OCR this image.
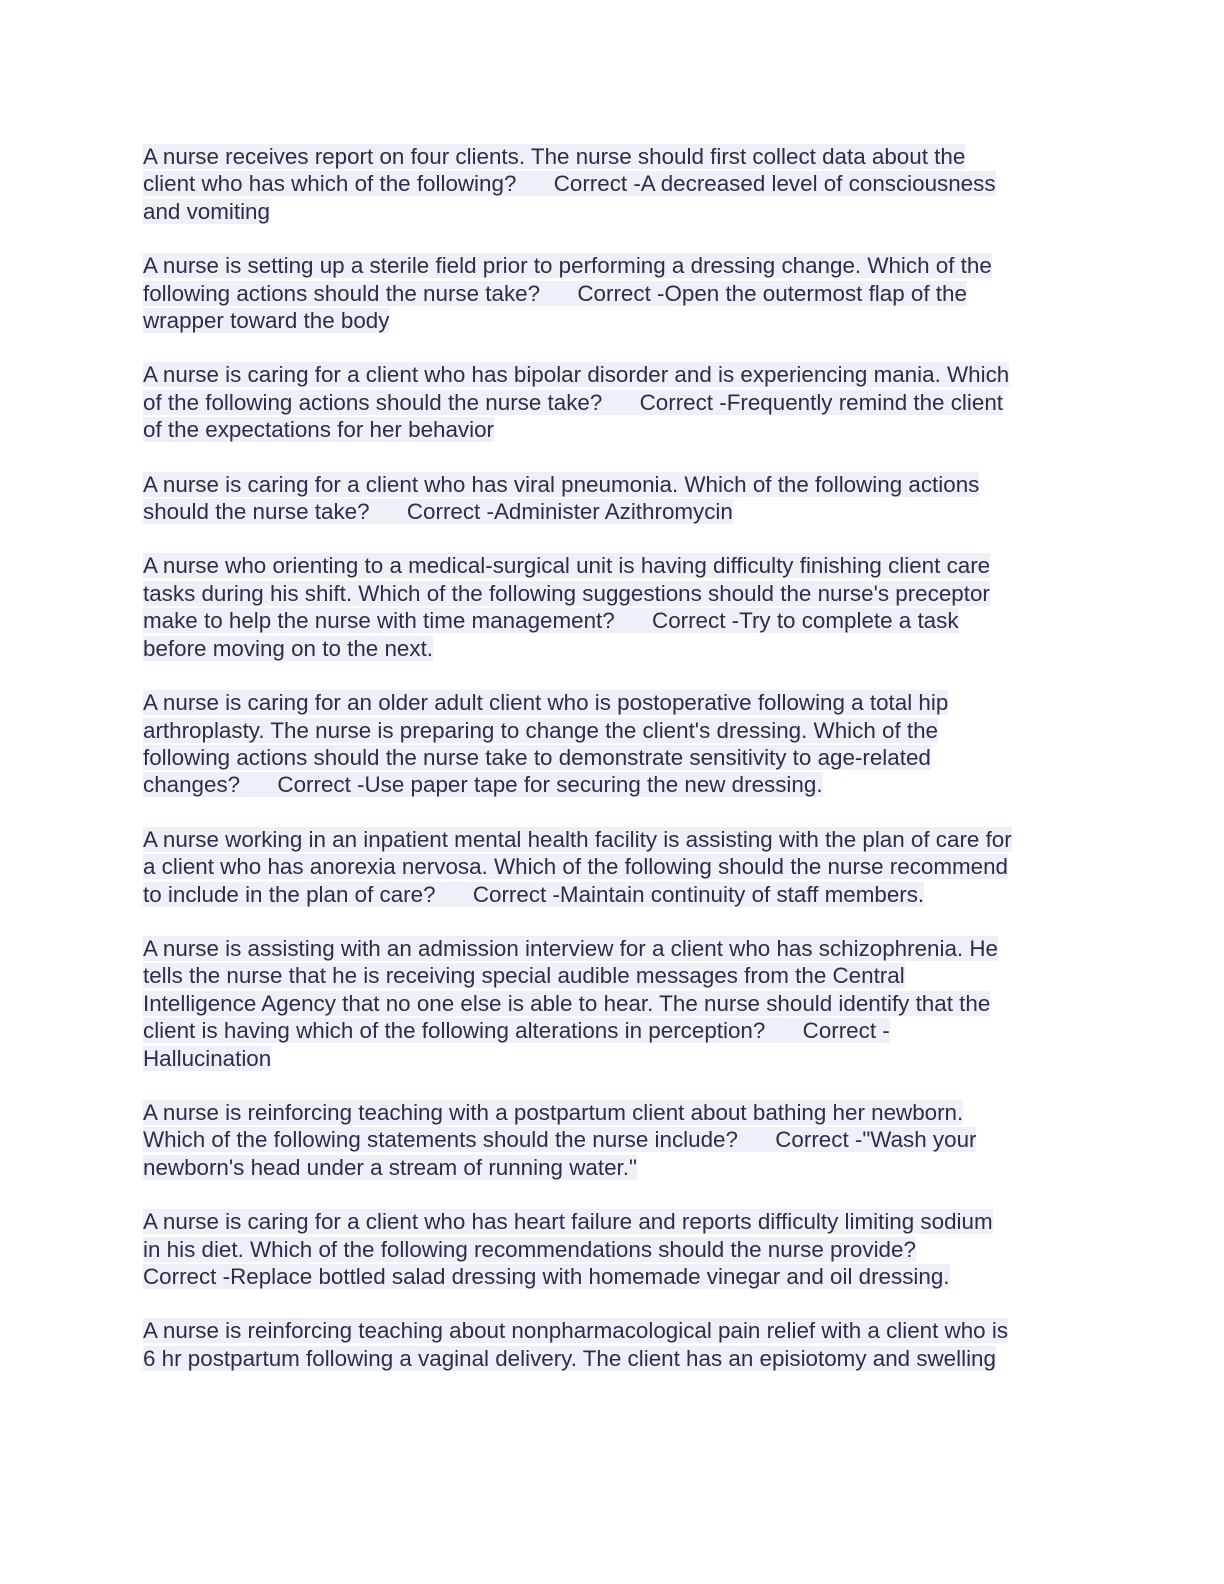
A nurse receives report on four clients. The nurse should first collect data about the
client who has which of the following?      Correct -A decreased level of consciousness
and vomiting

A nurse is setting up a sterile field prior to performing a dressing change. Which of the
following actions should the nurse take?      Correct -Open the outermost flap of the
wrapper toward the body

A nurse is caring for a client who has bipolar disorder and is experiencing mania. Which
of the following actions should the nurse take?      Correct -Frequently remind the client
of the expectations for her behavior

A nurse is caring for a client who has viral pneumonia. Which of the following actions
should the nurse take?      Correct -Administer Azithromycin

A nurse who orienting to a medical-surgical unit is having difficulty finishing client care
tasks during his shift. Which of the following suggestions should the nurse's preceptor
make to help the nurse with time management?      Correct -Try to complete a task
before moving on to the next.

A nurse is caring for an older adult client who is postoperative following a total hip
arthroplasty. The nurse is preparing to change the client's dressing. Which of the
following actions should the nurse take to demonstrate sensitivity to age-related
changes?      Correct -Use paper tape for securing the new dressing.

A nurse working in an inpatient mental health facility is assisting with the plan of care for
a client who has anorexia nervosa. Which of the following should the nurse recommend
to include in the plan of care?      Correct -Maintain continuity of staff members.

A nurse is assisting with an admission interview for a client who has schizophrenia. He
tells the nurse that he is receiving special audible messages from the Central
Intelligence Agency that no one else is able to hear. The nurse should identify that the
client is having which of the following alterations in perception?      Correct -
Hallucination

A nurse is reinforcing teaching with a postpartum client about bathing her newborn.
Which of the following statements should the nurse include?      Correct -"Wash your
newborn's head under a stream of running water."

A nurse is caring for a client who has heart failure and reports difficulty limiting sodium
in his diet. Which of the following recommendations should the nurse provide?
Correct -Replace bottled salad dressing with homemade vinegar and oil dressing.

A nurse is reinforcing teaching about nonpharmacological pain relief with a client who is
6 hr postpartum following a vaginal delivery. The client has an episiotomy and swelling
